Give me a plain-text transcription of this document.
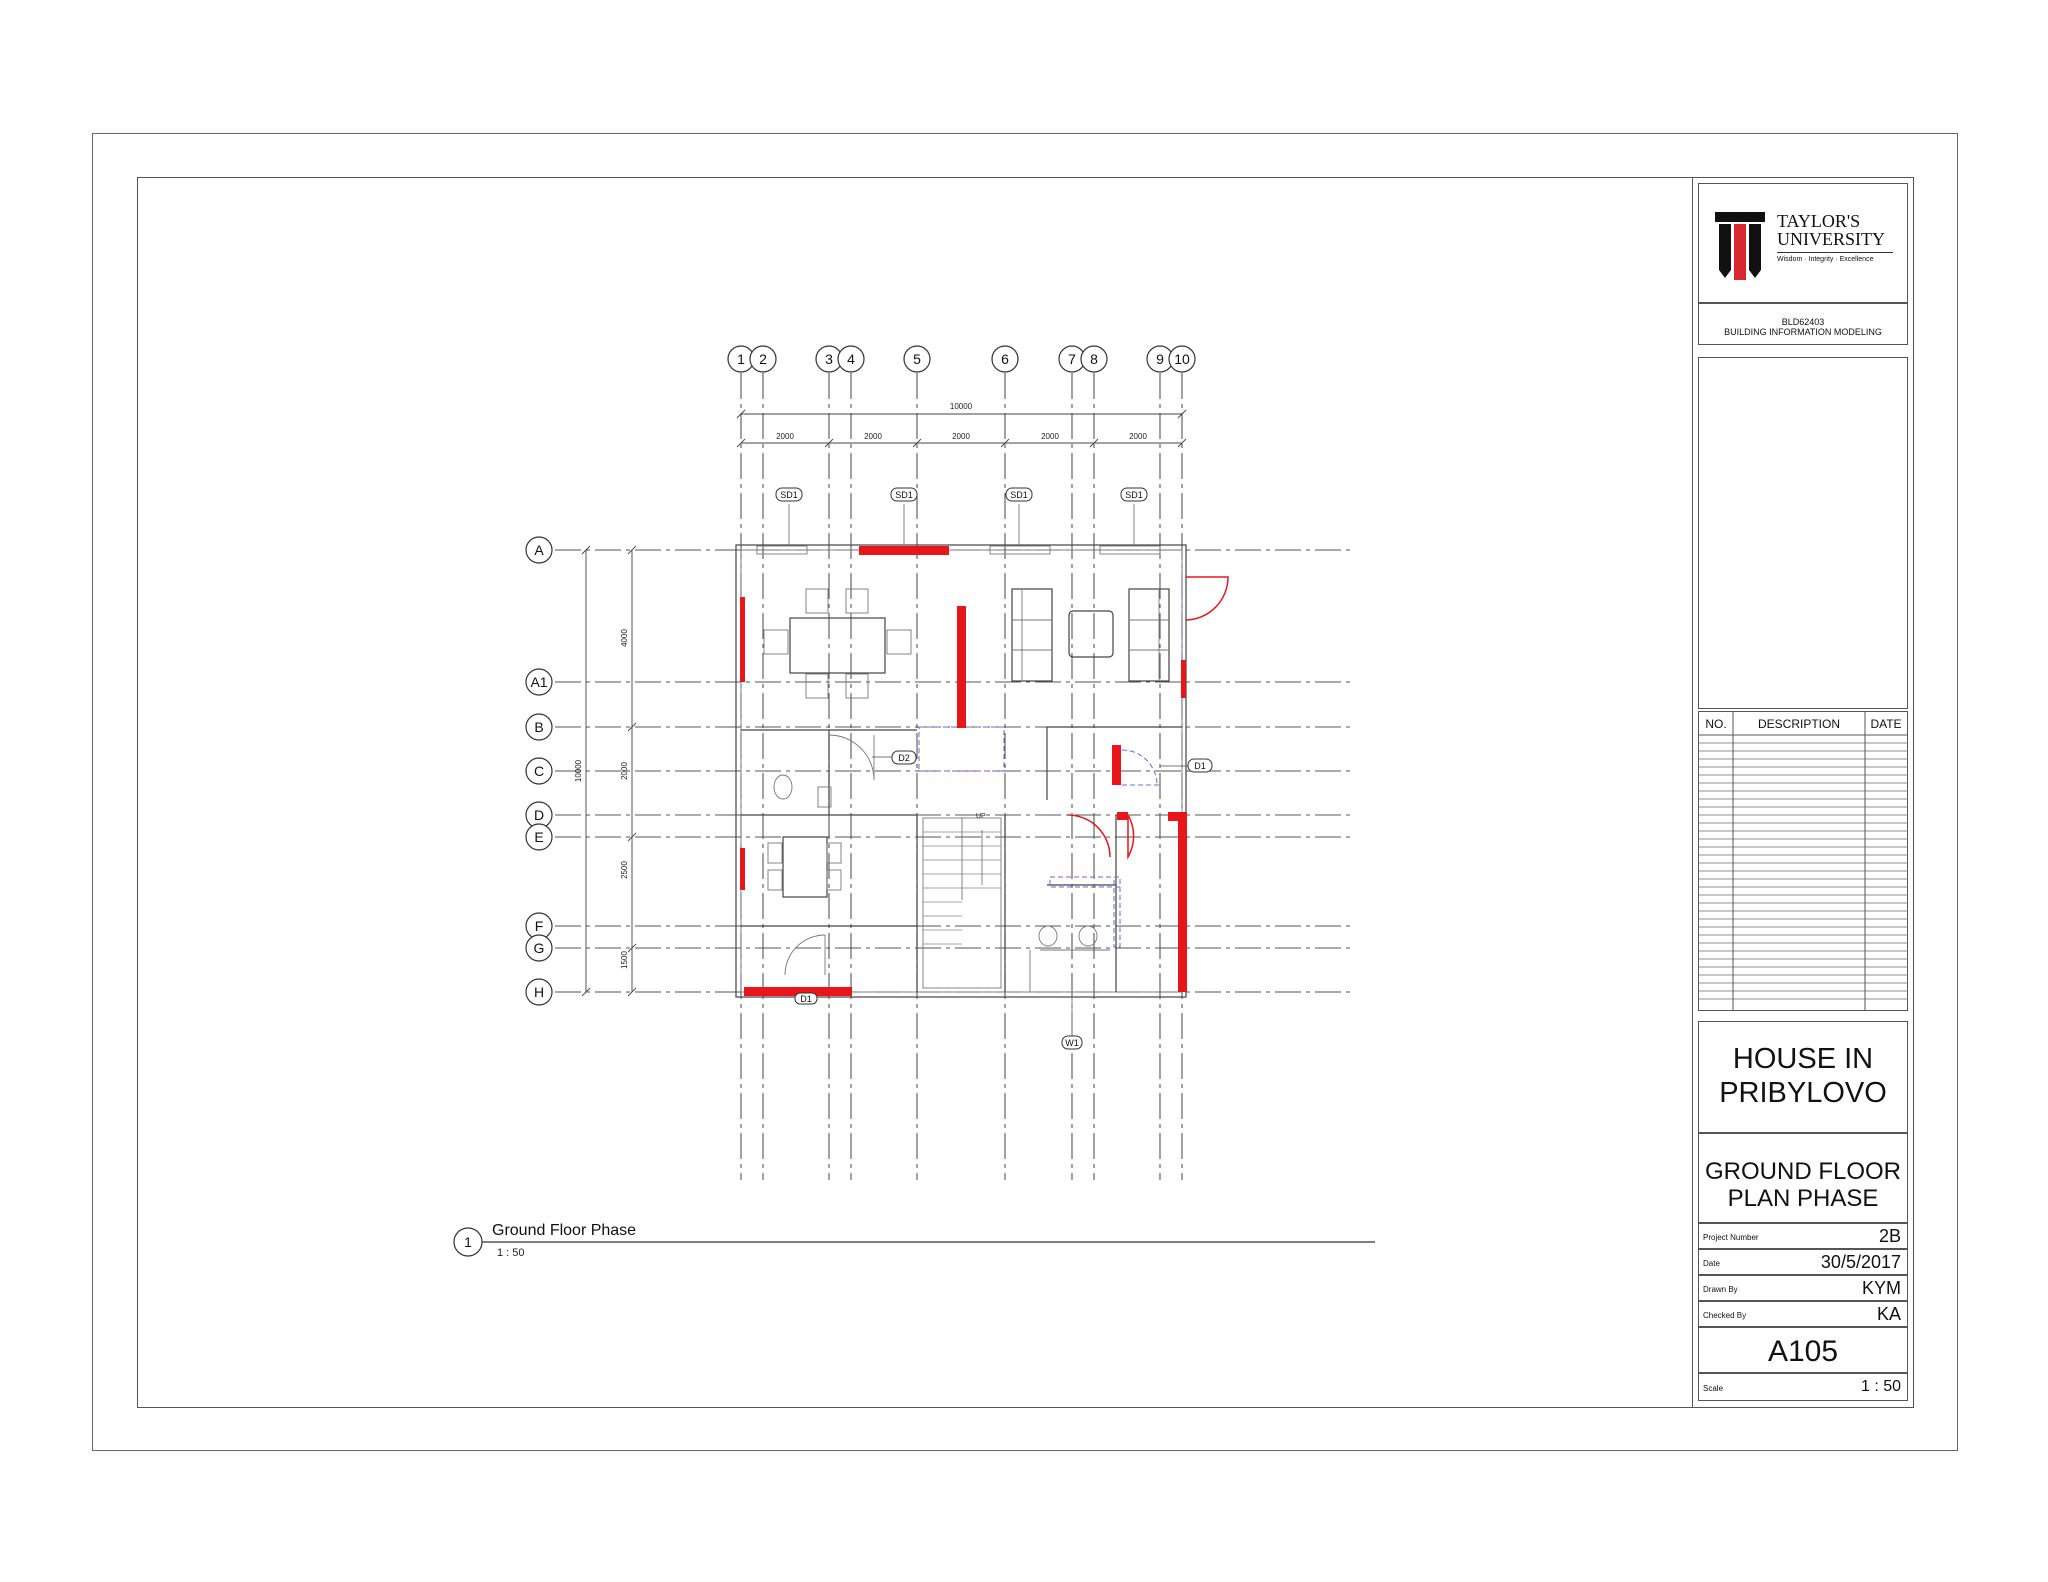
1 2	3 4	5	6	7 8	9 10
A
A1
B
C
D
E
F
G
H
10000
2000	2000	2000	2000	2000
10000
4000
2000
2500
1500
UP
SD1	SD1	SD1	SD1
D2
D1
D1
W1
1
Ground Floor Phase
1 : 50
TAYLOR'S
UNIVERSITY
Wisdom · Integrity · Excellence
BLD62403
BUILDING INFORMATION MODELING
NO.	DESCRIPTION	DATE
HOUSE IN PRIBYLOVO
GROUND FLOOR PLAN PHASE
Project Number	2B
Date	30/5/2017
Drawn By	KYM
Checked By	KA
A105
Scale	1 : 50
